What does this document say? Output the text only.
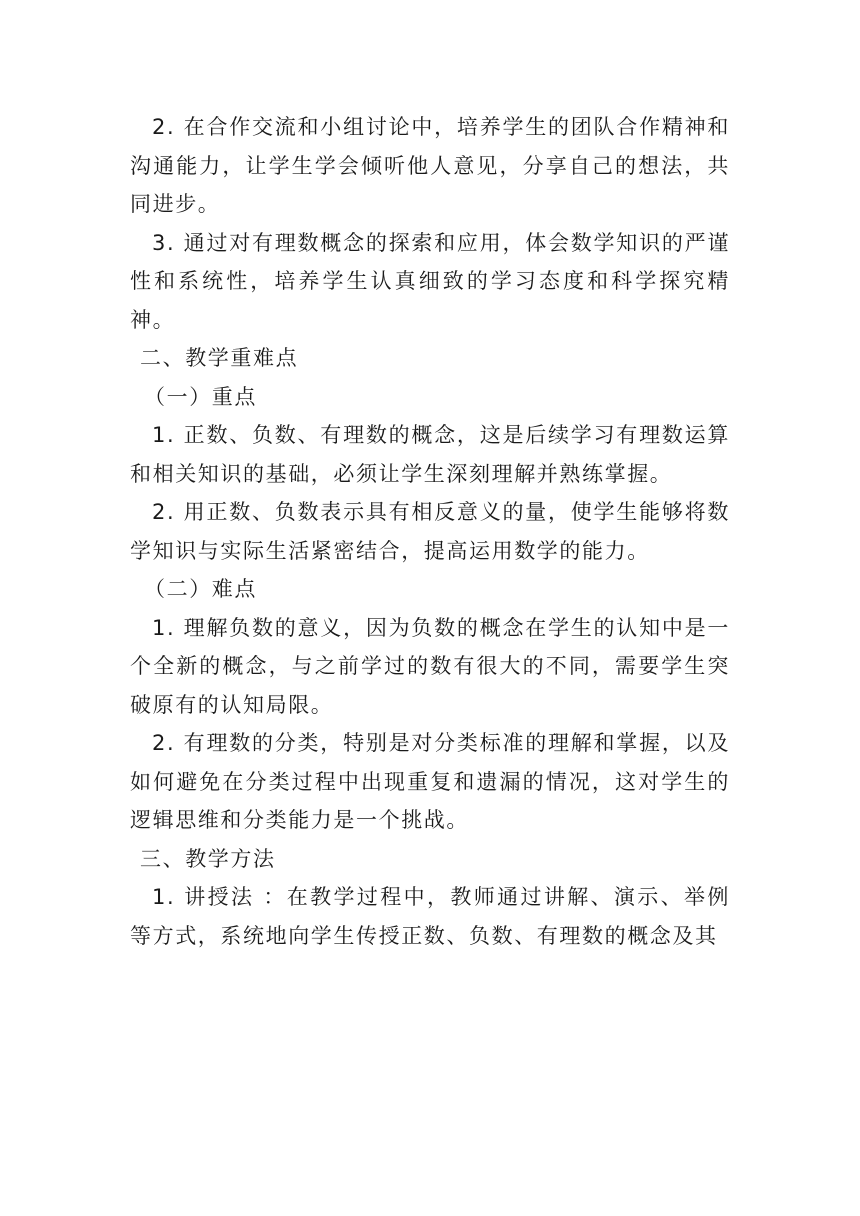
2. 在合作交流和小组讨论中，培养学生的团队合作精神和沟通能力，让学生学会倾听他人意见，分享自己的想法，共同进步。

3. 通过对有理数概念的探索和应用，体会数学知识的严谨性和系统性，培养学生认真细致的学习态度和科学探究精神。

二、教学重难点

（一）重点

1. 正数、负数、有理数的概念，这是后续学习有理数运算和相关知识的基础，必须让学生深刻理解并熟练掌握。

2. 用正数、负数表示具有相反意义的量，使学生能够将数学知识与实际生活紧密结合，提高运用数学的能力。

（二）难点

1. 理解负数的意义，因为负数的概念在学生的认知中是一个全新的概念，与之前学过的数有很大的不同，需要学生突破原有的认知局限。

2. 有理数的分类，特别是对分类标准的理解和掌握，以及如何避免在分类过程中出现重复和遗漏的情况，这对学生的逻辑思维和分类能力是一个挑战。

三、教学方法

1. 讲授法 ：在教学过程中，教师通过讲解、演示、举例等方式，系统地向学生传授正数、负数、有理数的概念及其
